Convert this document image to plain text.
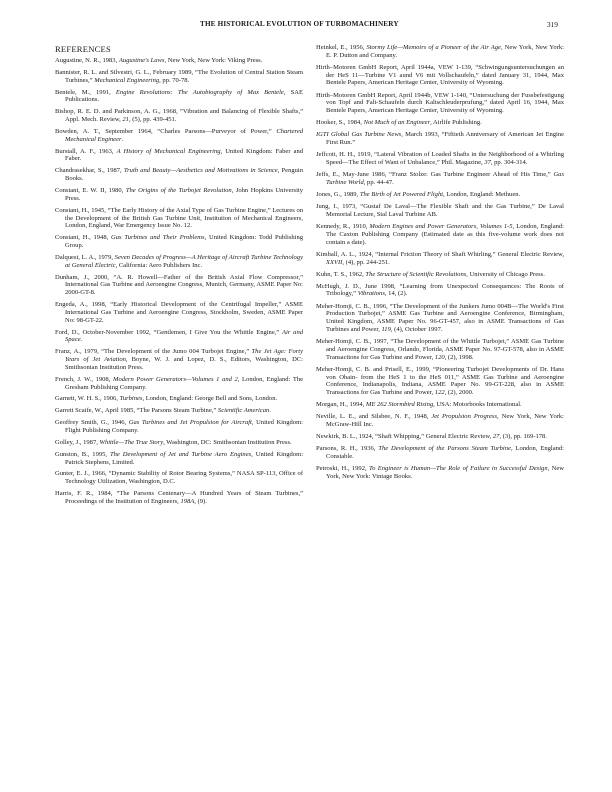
THE HISTORICAL EVOLUTION OF TURBOMACHINERY	319
REFERENCES

Augustine, N. R., 1983, Augustine's Laws, New York, New York: Viking Press.

Bannister, R. L. and Silvestri, G. L., February 1989, “The Evolution of Central Station Steam Turbines,” Mechanical Engineering, pp. 70-78.

Bentele, M., 1991, Engine Revolutions: The Autobiography of Max Bentele, SAE Publications.

Bishop, R. E. D. and Parkinson, A. G., 1968, “Vibration and Balancing of Flexible Shafts,” Appl. Mech. Review, 21, (5), pp. 439-451.

Bowden, A. T., September 1964, “Charles Parsons—Purveyor of Power,” Chartered Mechanical Engineer.

Burstall, A. F., 1963, A History of Mechanical Engineering, United Kingdom: Faber and Faber.

Chandrasekhar, S., 1987, Truth and Beauty—Aesthetics and Motivations in Science, Penguin Books.

Constant, E. W. II, 1980, The Origins of the Turbojet Revolution, John Hopkins University Press.

Constant, H., 1945, “The Early History of the Axial Type of Gas Turbine Engine,” Lectures on the Development of the British Gas Turbine Unit, Institution of Mechanical Engineers, London, England, War Emergency Issue No. 12.

Constant, H., 1948, Gas Turbines and Their Problems, United Kingdom: Todd Publishing Group.

Dalquest, L. A., 1979, Seven Decades of Progress—A Heritage of Aircraft Turbine Technology at General Electric, California: Aero Publishers Inc.

Dunham, J., 2000, “A. R. Howell—Father of the British Axial Flow Compressor,” International Gas Turbine and Aeroengine Congress, Munich, Germany, ASME Paper No: 2000-GT-8.

Engeda, A., 1998, “Early Historical Development of the Centrifugal Impeller,” ASME International Gas Turbine and Aeroengine Congress, Stockholm, Sweden, ASME Paper No: 98-GT-22.

Ford, D., October-November 1992, “Gentlemen, I Give You the Whittle Engine,” Air and Space.

Franz, A., 1979, “The Development of the Jumo 004 Turbojet Engine,” The Jet Age: Forty Years of Jet Aviation, Boyne, W. J. and Lopez, D. S., Editors, Washington, DC: Smithsonian Institution Press.

French, J. W., 1908, Modern Power Generators—Volumes 1 and 2, London, England: The Gresham Publishing Company.

Garnett, W. H. S., 1906, Turbines, London, England: George Bell and Sons, London.

Garrett Scaife, W., April 1985, “The Parsons Steam Turbine,” Scientific American.

Geoffrey Smith, G., 1946, Gas Turbines and Jet Propulsion for Aircraft, United Kingdom: Flight Publishing Company.

Golley, J., 1987, Whittle—The True Story, Washington, DC: Smithsonian Institution Press.

Gunston, B., 1995, The Development of Jet and Turbine Aero Engines, United Kingdom: Patrick Stephens, Limited.

Gunter, E. J., 1966, “Dynamic Stability of Rotor Bearing Systems,” NASA SP-113, Office of Technology Utilization, Washington, D.C.

Harris, F. R., 1984, “The Parsons Centenary—A Hundred Years of Steam Turbines,” Proceedings of the Institution of Engineers, 198A, (9).

Heinkel, E., 1956, Stormy Life—Memoirs of a Pioneer of the Air Age, New York, New York: E. P. Dutton and Company.

Hirth–Motoren GmbH Report, April 1944a, VEW 1-139, “Schwingungsuntersuchungen an der HeS 11—Turbine V1 aund V6 mit Vollschaufeln,” dated January 31, 1944, Max Bentele Papers, American Heritage Center, University of Wyoming.

Hirth–Motoren GmbH Report, April 1944b, VEW 1-140, “Untersuchung der Fussbefestigung von Topf and Falt-Schaufeln durch Kaltschleuderprufung,” dated April 16, 1944, Max Bentele Papers, American Heritage Center, University of Wyoming.

Hooker, S., 1984, Not Much of an Engineer, Airlife Publishing.

IGTI Global Gas Turbine News, March 1993, “Fiftieth Anniversary of American Jet Engine First Run.”

Jeffcott, H. H., 1919, “Lateral Vibration of Loaded Shafts in the Neighborhood of a Whirling Speed—The Effect of Want of Unbalance,” Phil. Magazine, 37, pp. 304-314.

Jeffs, E., May-June 1986, “Franz Stolze: Gas Turbine Engineer Ahead of His Time,” Gas Turbine World, pp. 44-47.

Jones, G., 1989, The Birth of Jet Powered Flight, London, England: Methuen.

Jung, I., 1973, “Gustaf De Laval—The Flexible Shaft and the Gas Turbine,” De Laval Memorial Lecture, Stal Laval Turbine AB.

Kennedy, R., 1910, Modern Engines and Power Generators, Volumes 1-5, London, England: The Caxton Publishing Company (Estimated date as this five-volume work does not contain a date).

Kimball, A. L., 1924, “Internal Friction Theory of Shaft Whirling,” General Electric Review, XXVII, (4), pp. 244-251.

Kuhn, T. S., 1962, The Structure of Scientific Revolutions, University of Chicago Press.

McHugh, J. D., June 1998, “Learning from Unexpected Consequences: The Roots of Tribology,” Vibrations, 14, (2).

Meher-Homji, C. B., 1996, “The Development of the Junkers Jumo 004B—The World's First Production Turbojet,” ASME Gas Turbine and Aeroengine Conference, Birmingham, United Kingdom, ASME Paper No. 96-GT-457, also in ASME Transactions of Gas Turbines and Power, 119, (4), October 1997.

Meher-Homji, C. B., 1997, “The Development of the Whittle Turbojet,” ASME Gas Turbine and Aeroengine Congress, Orlando, Florida, ASME Paper No. 97-GT-578, also in ASME Transactions for Gas Turbine and Power, 120, (2), 1998.

Meher-Homji, C. B. and Prisell, E., 1999, “Pioneering Turbojet Developments of Dr. Hans von Ohain- from the HeS 1 to the HeS 011,” ASME Gas Turbine and Aeroengine Conference, Indianapolis, Indiana, ASME Paper No. 99-GT-228, also in ASME Transactions for Gas Turbine and Power, 122, (2), 2000.

Morgan, H., 1994, ME 262 Stormbird Rising, USA: Motorbooks International.

Neville, L. E., and Silsbee, N. F., 1948, Jet Propulsion Progress, New York, New York: McGraw-Hill Inc.

Newkirk, B. L., 1924, “Shaft Whipping,” General Electric Review, 27, (3), pp. 169-178.

Parsons, R. H., 1936, The Development of the Parsons Steam Turbine, London, England: Constable.

Petroski, H., 1992, To Engineer is Human—The Role of Failure in Successful Design, New York, New York: Vintage Books.
